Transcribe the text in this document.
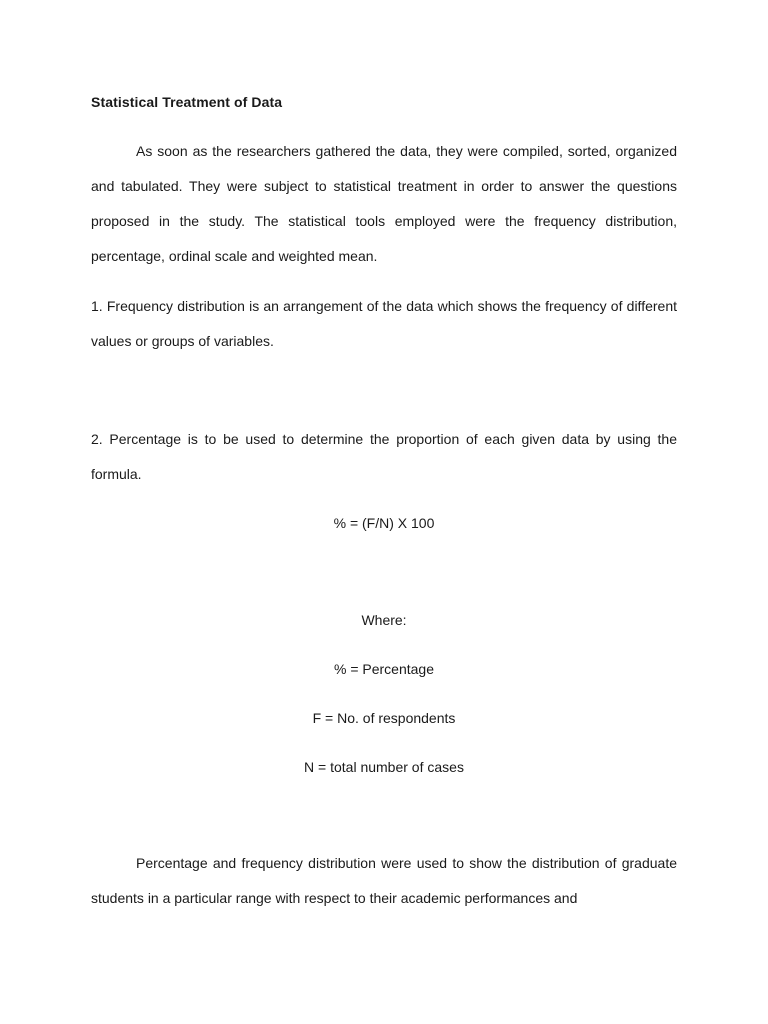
Statistical Treatment of Data

As soon as the researchers gathered the data, they were compiled, sorted, organized and tabulated. They were subject to statistical treatment in order to answer the questions proposed in the study. The statistical tools employed were the frequency distribution, percentage, ordinal scale and weighted mean.

1. Frequency distribution is an arrangement of the data which shows the frequency of different values or groups of variables.

2. Percentage is to be used to determine the proportion of each given data by using the formula.

% = (F/N) X 100

Where:

% = Percentage

F = No. of respondents

N = total number of cases

Percentage and frequency distribution were used to show the distribution of graduate students in a particular range with respect to their academic performances and
